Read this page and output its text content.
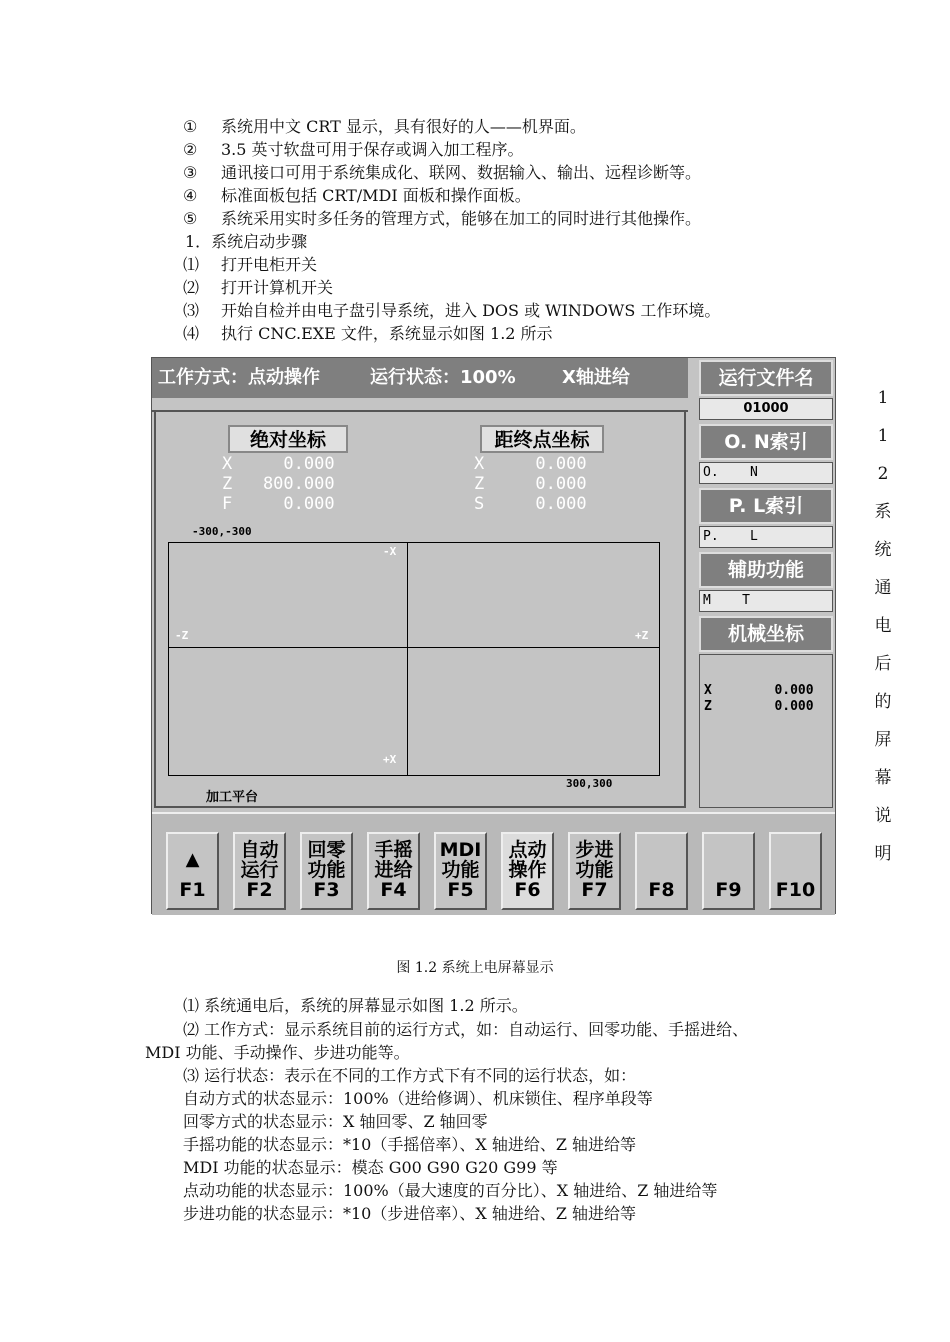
① 系统用中文 CRT 显示，具有很好的人——机界面。
② 3.5 英寸软盘可用于保存或调入加工程序。
③ 通讯接口可用于系统集成化、联网、数据输入、输出、远程诊断等。
④ 标准面板包括 CRT/MDI 面板和操作面板。
⑤ 系统采用实时多任务的管理方式，能够在加工的同时进行其他操作。
1．系统启动步骤
⑴ 打开电柜开关
⑵ 打开计算机开关
⑶ 开始自检并由电子盘引导系统，进入 DOS 或 WINDOWS 工作环境。
⑷ 执行 CNC.EXE 文件，系统显示如图 1.2 所示
工作方式：点动操作	运行状态：100%	X轴进给
绝对坐标
X     0.000
Z   800.000
F     0.000
距终点坐标
X     0.000
Z     0.000
S     0.000
-300,-300
-X
+X
-Z	+Z
300,300
加工平台
运行文件名
01000
O. N索引
O.    N
P. L索引
P.    L
辅助功能
M    T
机械坐标
X        0.000
Z        0.000
▲
F1
自动
运行
F2
回零
功能
F3
手摇
进给
F4
MDI
功能
F5
点动
操作
F6
步进
功能
F7	F8	F9	F10
1
1
2
系
统
通
电
后
的
屏
幕
说
明
图 1.2 系统上电屏幕显示
⑴ 系统通电后，系统的屏幕显示如图 1.2 所示。
⑵ 工作方式：显示系统目前的运行方式，如：自动运行、回零功能、手摇进给、
MDI 功能、手动操作、步进功能等。
⑶ 运行状态：表示在不同的工作方式下有不同的运行状态，如：
自动方式的状态显示：100%（进给修调）、机床锁住、程序单段等
回零方式的状态显示：X 轴回零、Z 轴回零
手摇功能的状态显示：*10（手摇倍率）、X 轴进给、Z 轴进给等
MDI 功能的状态显示：模态 G00 G90 G20 G99 等
点动功能的状态显示：100%（最大速度的百分比）、X 轴进给、Z 轴进给等
步进功能的状态显示：*10（步进倍率）、X 轴进给、Z 轴进给等
